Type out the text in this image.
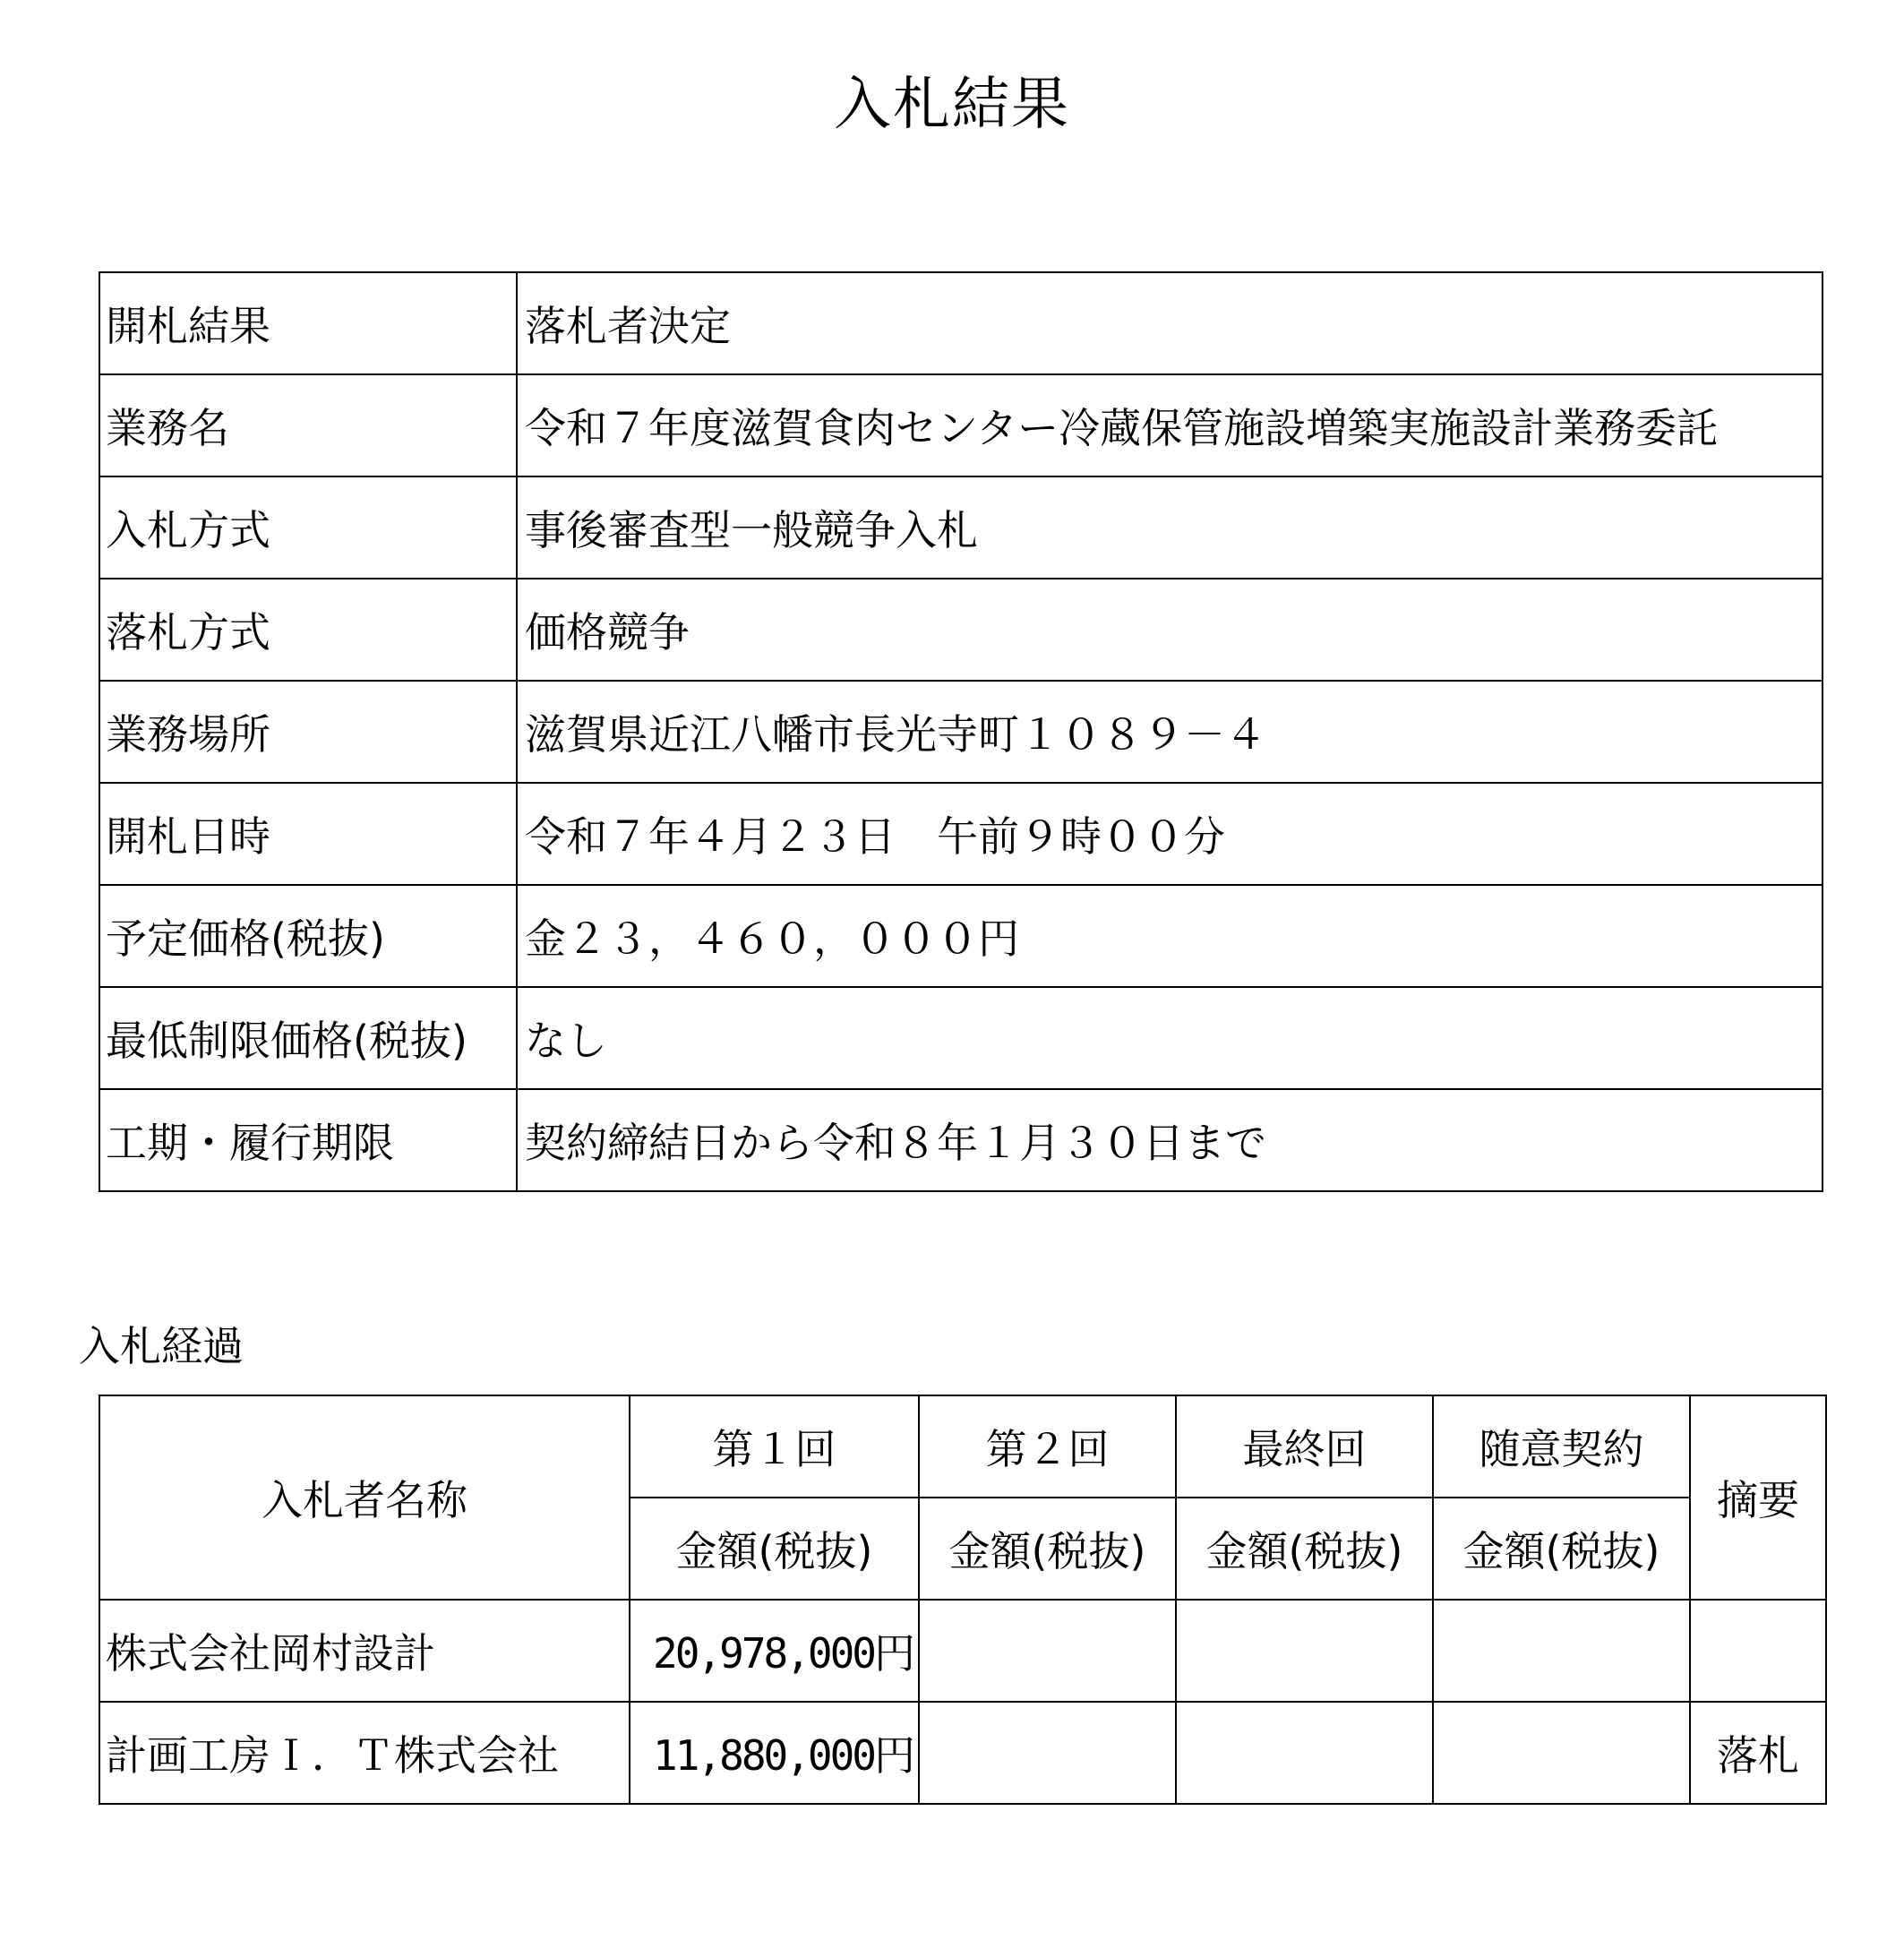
入札結果
開札結果	落札者決定
業務名	令和７年度滋賀食肉センター冷蔵保管施設増築実施設計業務委託
入札方式	事後審査型一般競争入札
落札方式	価格競争
業務場所	滋賀県近江八幡市長光寺町１０８９－４
開札日時	令和７年４月２３日　午前９時００分
予定価格(税抜)	金２３，４６０，０００円
最低制限価格(税抜)	なし
工期・履行期限	契約締結日から令和８年１月３０日まで
入札経過
入札者名称	第１回	第２回	最終回	随意契約	摘要
	金額(税抜)	金額(税抜)	金額(税抜)	金額(税抜)	
株式会社岡村設計	20,978,000円				
計画工房Ｉ．Ｔ株式会社	11,880,000円				落札
